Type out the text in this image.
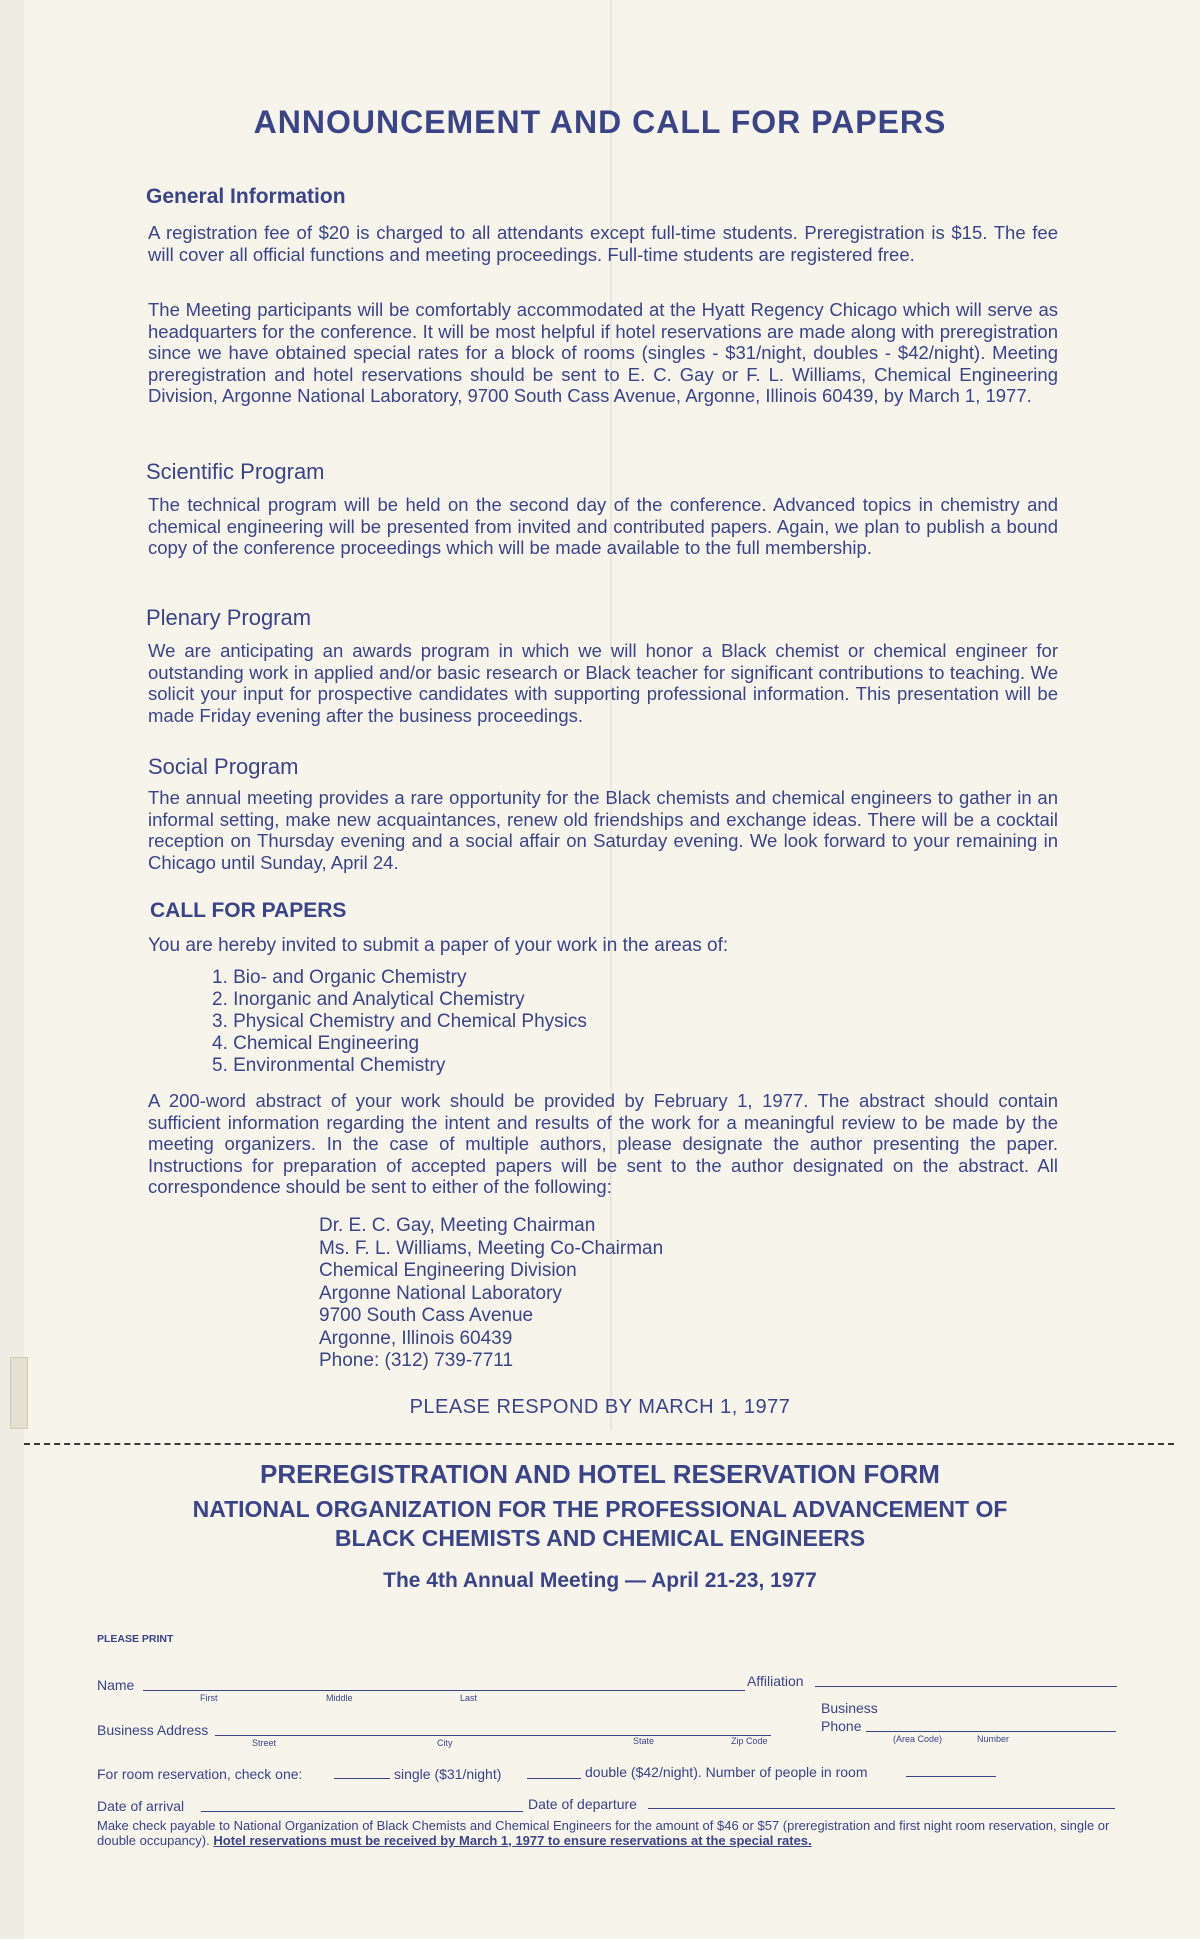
ANNOUNCEMENT AND CALL FOR PAPERS
General Information
A registration fee of $20 is charged to all attendants except full-time students. Preregistration is $15. The fee will cover all official functions and meeting proceedings. Full-time students are registered free.
The Meeting participants will be comfortably accommodated at the Hyatt Regency Chicago which will serve as headquarters for the conference. It will be most helpful if hotel reservations are made along with preregistration since we have obtained special rates for a block of rooms (singles - $31/night, doubles - $42/night). Meeting preregistration and hotel reservations should be sent to E. C. Gay or F. L. Williams, Chemical Engineering Division, Argonne National Laboratory, 9700 South Cass Avenue, Argonne, Illinois 60439, by March 1, 1977.
Scientific Program
The technical program will be held on the second day of the conference. Advanced topics in chemistry and chemical engineering will be presented from invited and contributed papers. Again, we plan to publish a bound copy of the conference proceedings which will be made available to the full membership.
Plenary Program
We are anticipating an awards program in which we will honor a Black chemist or chemical engineer for outstanding work in applied and/or basic research or Black teacher for significant contributions to teaching. We solicit your input for prospective candidates with supporting professional information. This presentation will be made Friday evening after the business proceedings.
Social Program
The annual meeting provides a rare opportunity for the Black chemists and chemical engineers to gather in an informal setting, make new acquaintances, renew old friendships and exchange ideas. There will be a cocktail reception on Thursday evening and a social affair on Saturday evening. We look forward to your remaining in Chicago until Sunday, April 24.
CALL FOR PAPERS
You are hereby invited to submit a paper of your work in the areas of:
1. Bio- and Organic Chemistry
2. Inorganic and Analytical Chemistry
3. Physical Chemistry and Chemical Physics
4. Chemical Engineering
5. Environmental Chemistry
A 200-word abstract of your work should be provided by February 1, 1977. The abstract should contain sufficient information regarding the intent and results of the work for a meaningful review to be made by the meeting organizers. In the case of multiple authors, please designate the author presenting the paper. Instructions for preparation of accepted papers will be sent to the author designated on the abstract. All correspondence should be sent to either of the following:
Dr. E. C. Gay, Meeting Chairman
Ms. F. L. Williams, Meeting Co-Chairman
Chemical Engineering Division
Argonne National Laboratory
9700 South Cass Avenue
Argonne, Illinois 60439
Phone: (312) 739-7711
PLEASE RESPOND BY MARCH 1, 1977
PREREGISTRATION AND HOTEL RESERVATION FORM
NATIONAL ORGANIZATION FOR THE PROFESSIONAL ADVANCEMENT OF
BLACK CHEMISTS AND CHEMICAL ENGINEERS
The 4th Annual Meeting — April 21-23, 1977
PLEASE PRINT
Name
First	Middle	Last
Affiliation
Business
Phone
Business Address
Street	City	State	Zip Code	(Area Code)	Number
For room reservation, check one:	single ($31/night)	double ($42/night). Number of people in room
Date of arrival	Date of departure
Make check payable to National Organization of Black Chemists and Chemical Engineers for the amount of $46 or $57 (preregistration and first night room reservation, single or double occupancy). Hotel reservations must be received by March 1, 1977 to ensure reservations at the special rates.
